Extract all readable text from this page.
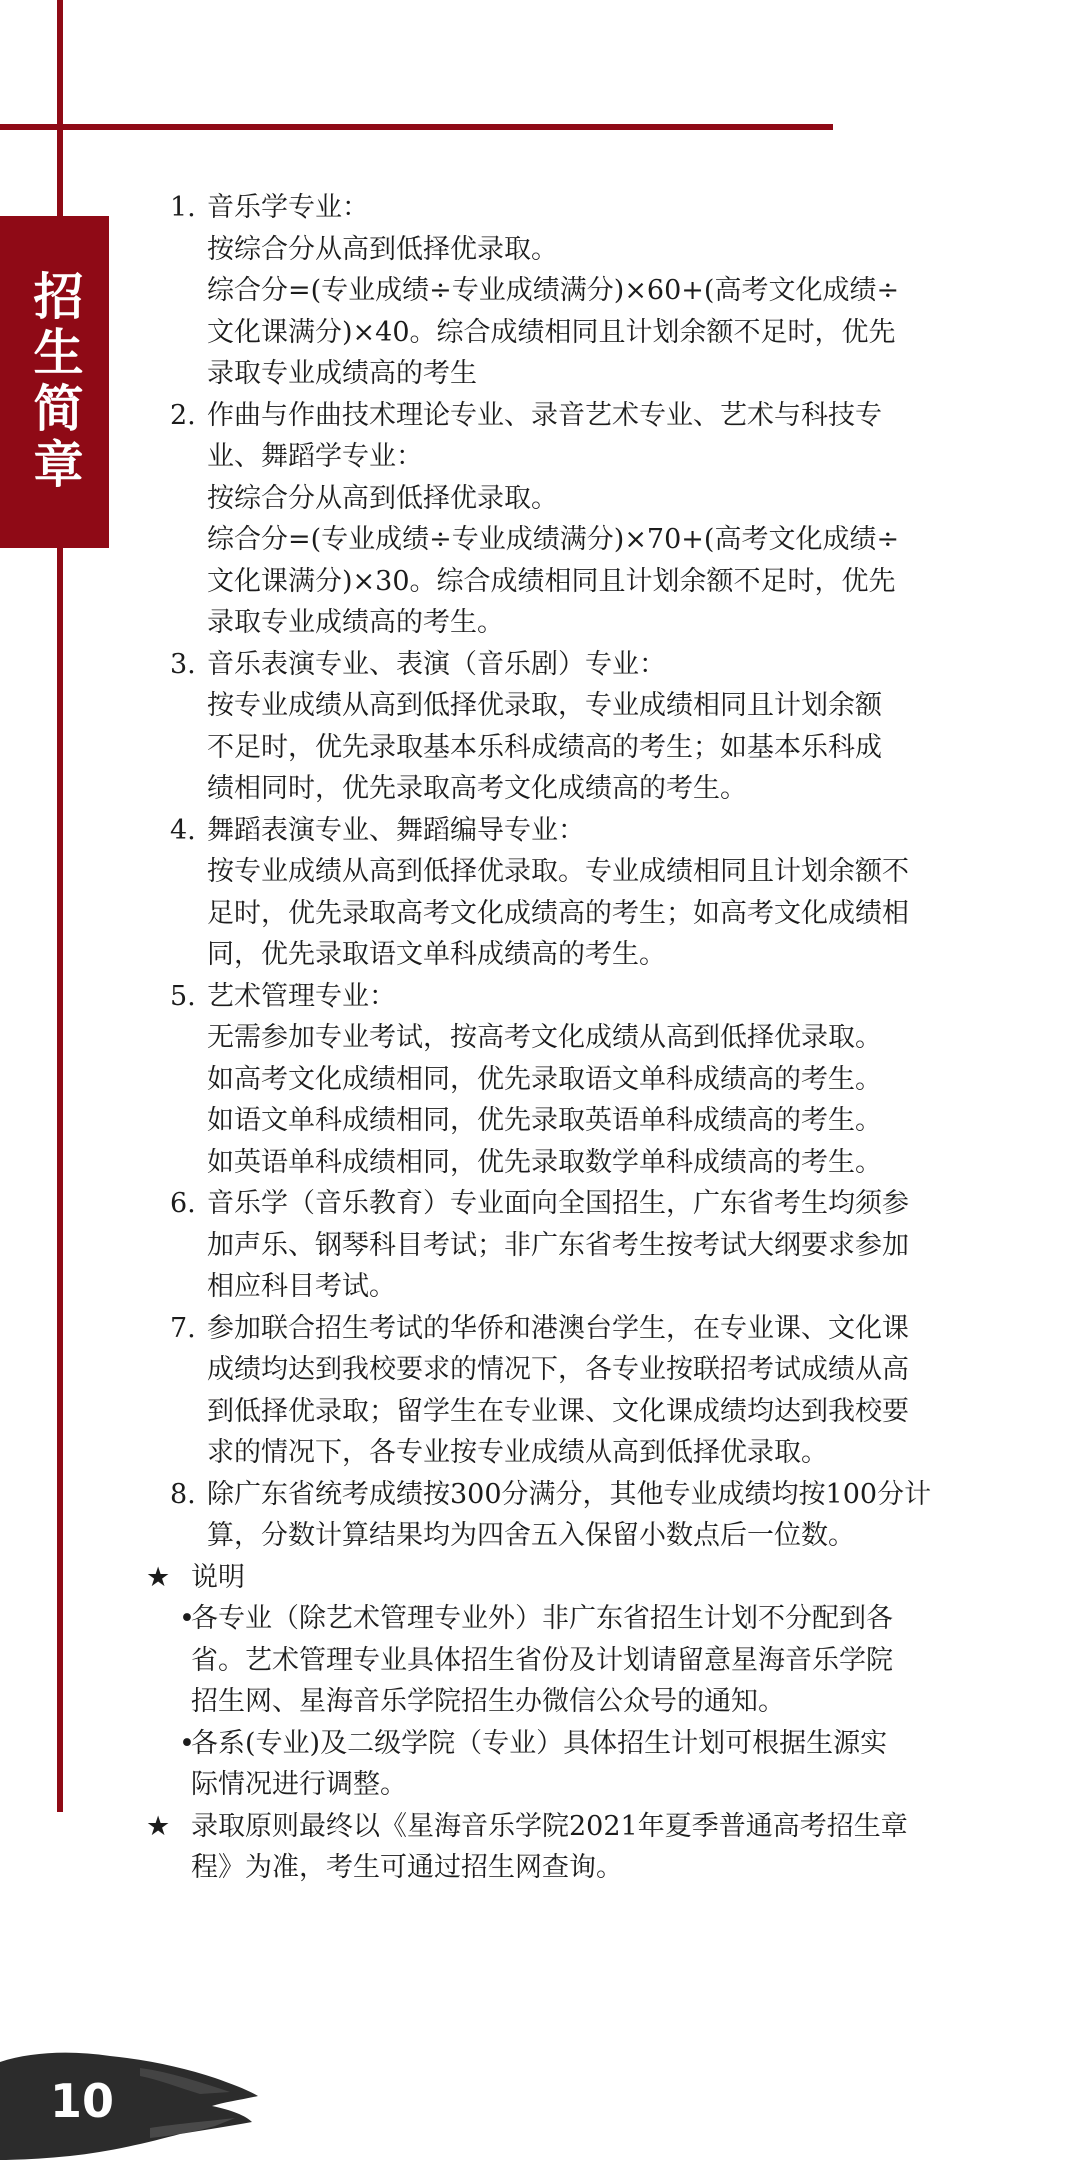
招生简章
1. 音乐学专业：
按综合分从高到低择优录取。
综合分=(专业成绩÷专业成绩满分)×60+(高考文化成绩÷
文化课满分)×40。综合成绩相同且计划余额不足时，优先
录取专业成绩高的考生
2. 作曲与作曲技术理论专业、录音艺术专业、艺术与科技专
业、舞蹈学专业：
按综合分从高到低择优录取。
综合分=(专业成绩÷专业成绩满分)×70+(高考文化成绩÷
文化课满分)×30。综合成绩相同且计划余额不足时，优先
录取专业成绩高的考生。
3. 音乐表演专业、表演（音乐剧）专业：
按专业成绩从高到低择优录取，专业成绩相同且计划余额
不足时，优先录取基本乐科成绩高的考生；如基本乐科成
绩相同时，优先录取高考文化成绩高的考生。
4. 舞蹈表演专业、舞蹈编导专业：
按专业成绩从高到低择优录取。专业成绩相同且计划余额不
足时，优先录取高考文化成绩高的考生；如高考文化成绩相
同，优先录取语文单科成绩高的考生。
5. 艺术管理专业：
无需参加专业考试，按高考文化成绩从高到低择优录取。
如高考文化成绩相同，优先录取语文单科成绩高的考生。
如语文单科成绩相同，优先录取英语单科成绩高的考生。
如英语单科成绩相同，优先录取数学单科成绩高的考生。
6. 音乐学（音乐教育）专业面向全国招生，广东省考生均须参
加声乐、钢琴科目考试；非广东省考生按考试大纲要求参加
相应科目考试。
7. 参加联合招生考试的华侨和港澳台学生，在专业课、文化课
成绩均达到我校要求的情况下，各专业按联招考试成绩从高
到低择优录取；留学生在专业课、文化课成绩均达到我校要
求的情况下，各专业按专业成绩从高到低择优录取。
8. 除广东省统考成绩按300分满分，其他专业成绩均按100分计
算，分数计算结果均为四舍五入保留小数点后一位数。
★ 说明
•
各专业（除艺术管理专业外）非广东省招生计划不分配到各
省。艺术管理专业具体招生省份及计划请留意星海音乐学院
招生网、星海音乐学院招生办微信公众号的通知。
•
各系(专业)及二级学院（专业）具体招生计划可根据生源实
际情况进行调整。
★ 录取原则最终以《星海音乐学院2021年夏季普通高考招生章
程》为准，考生可通过招生网查询。
10
